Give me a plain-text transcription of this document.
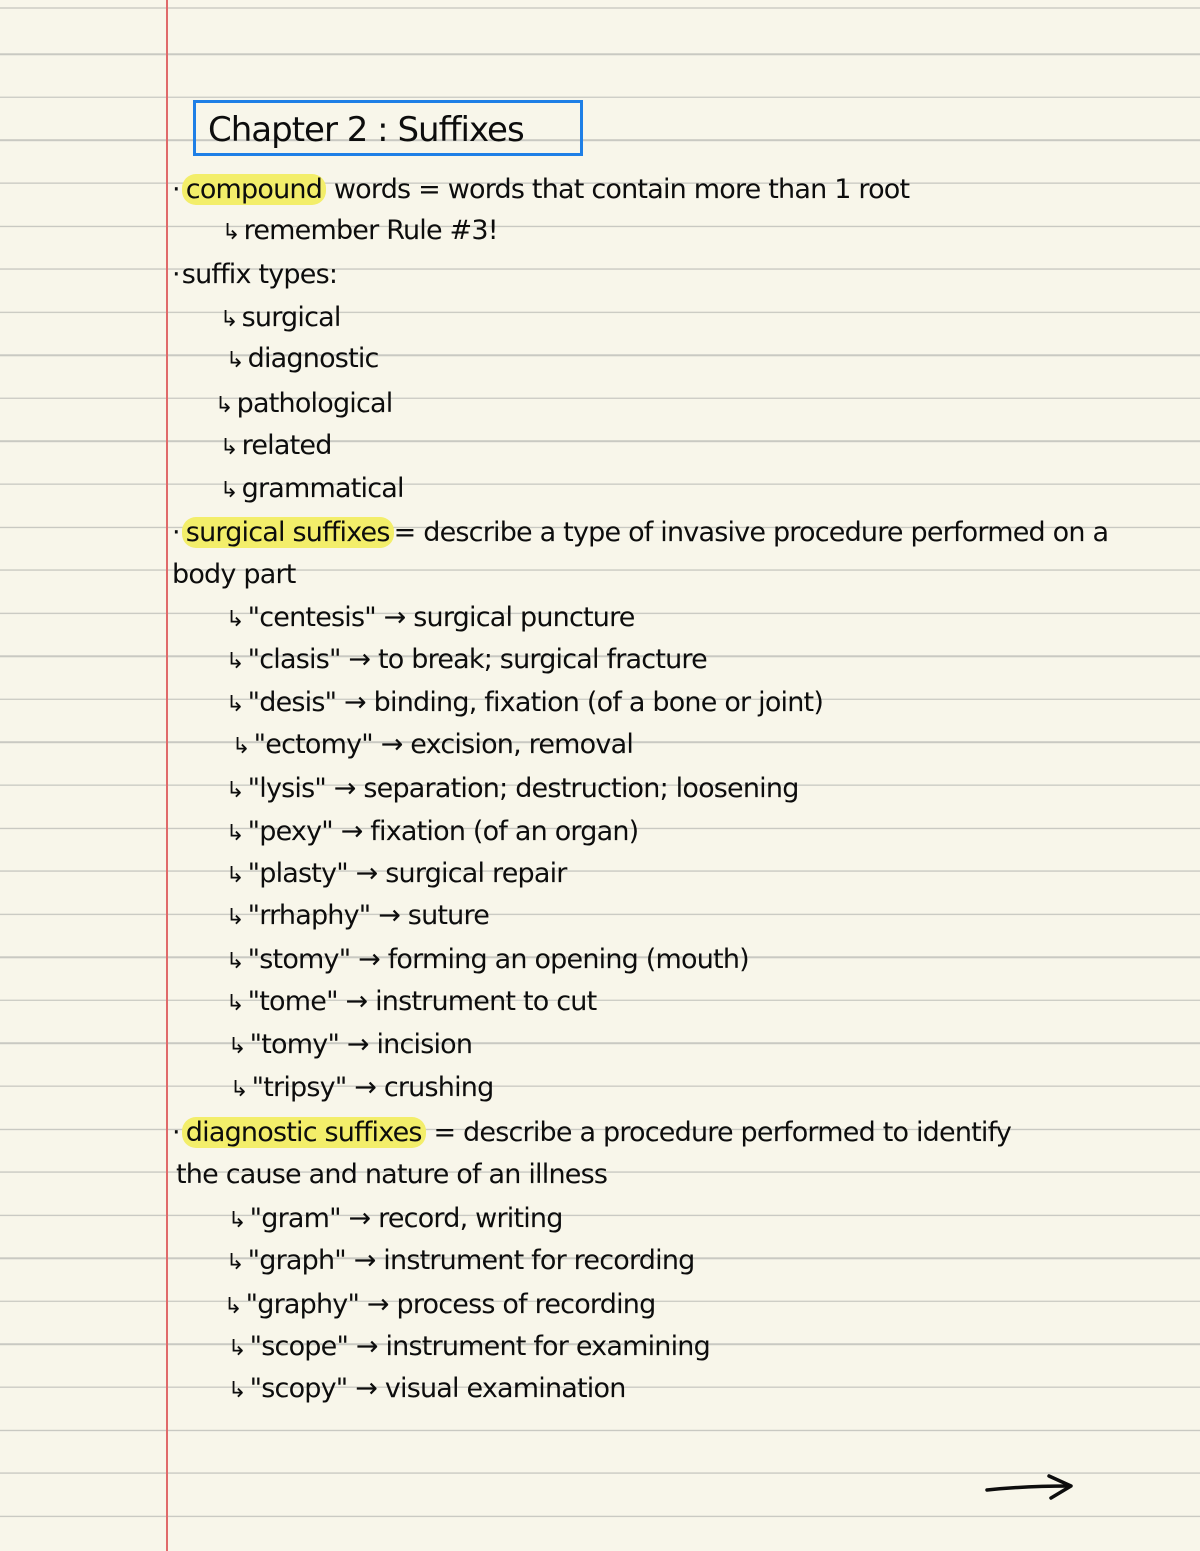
Chapter 2 : Suffixes
· compound words = words that contain more than 1 root
↳ remember Rule #3!
·suffix types:
↳ surgical
↳ diagnostic
↳ pathological
↳ related
↳ grammatical
· surgical suffixes = describe a type of invasive procedure performed on a
body part
↳ "centesis" → surgical puncture
↳ "clasis" → to break; surgical fracture
↳ "desis" → binding, fixation (of a bone or joint)
↳ "ectomy" → excision, removal
↳ "lysis" → separation; destruction; loosening
↳ "pexy" → fixation (of an organ)
↳ "plasty" → surgical repair
↳ "rrhaphy" → suture
↳ "stomy" → forming an opening (mouth)
↳ "tome" → instrument to cut
↳ "tomy" → incision
↳ "tripsy" → crushing
· diagnostic suffixes = describe a procedure performed to identify
the cause and nature of an illness
↳ "gram" → record, writing
↳ "graph" → instrument for recording
↳ "graphy" → process of recording
↳ "scope" → instrument for examining
↳ "scopy" → visual examination
